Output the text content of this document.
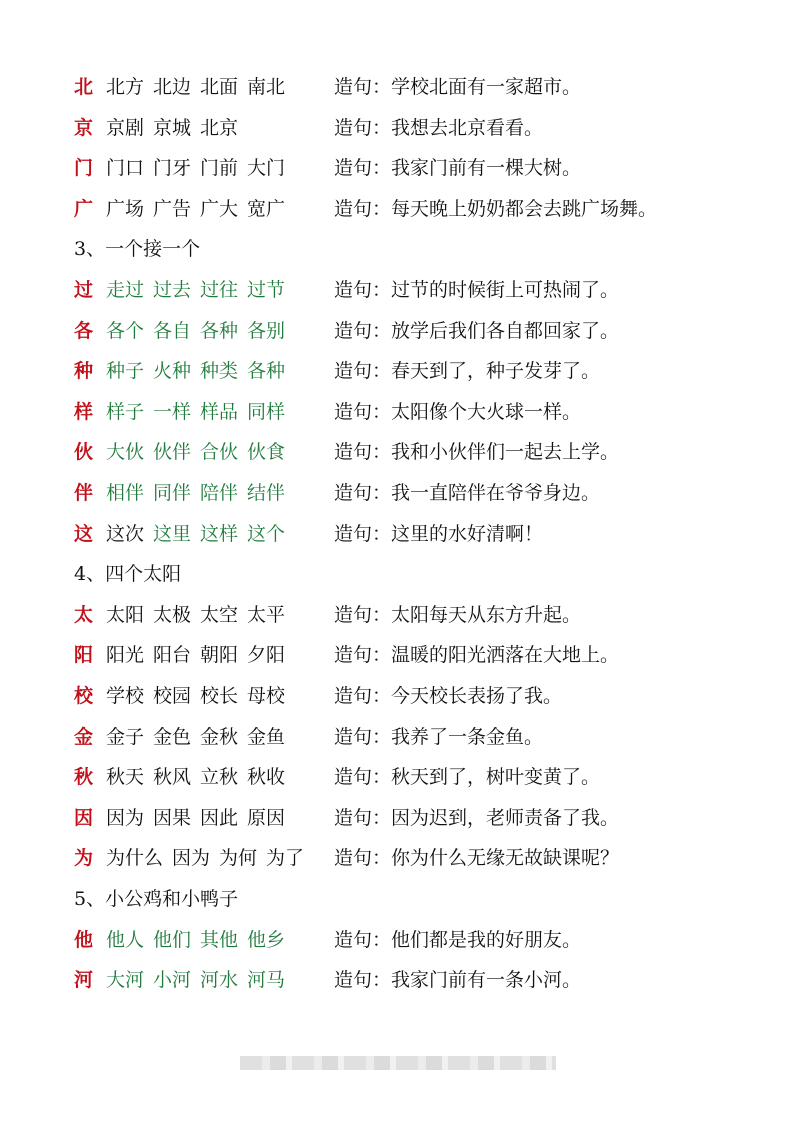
北 北方 北边 北面 南北	造句：学校北面有一家超市。
京 京剧 京城 北京	造句：我想去北京看看。
门 门口 门牙 门前 大门	造句：我家门前有一棵大树。
广 广场 广告 广大 宽广	造句：每天晚上奶奶都会去跳广场舞。
3、一个接一个
过 走过 过去 过往 过节	造句：过节的时候街上可热闹了。
各 各个 各自 各种 各别	造句：放学后我们各自都回家了。
种 种子 火种 种类 各种	造句：春天到了，种子发芽了。
样 样子 一样 样品 同样	造句：太阳像个大火球一样。
伙 大伙 伙伴 合伙 伙食	造句：我和小伙伴们一起去上学。
伴 相伴 同伴 陪伴 结伴	造句：我一直陪伴在爷爷身边。
这 这次 这里 这样 这个	造句：这里的水好清啊！
4、四个太阳
太 太阳 太极 太空 太平	造句：太阳每天从东方升起。
阳 阳光 阳台 朝阳 夕阳	造句：温暖的阳光洒落在大地上。
校 学校 校园 校长 母校	造句：今天校长表扬了我。
金 金子 金色 金秋 金鱼	造句：我养了一条金鱼。
秋 秋天 秋风 立秋 秋收	造句：秋天到了，树叶变黄了。
因 因为 因果 因此 原因	造句：因为迟到，老师责备了我。
为 为什么 因为 为何 为了	造句：你为什么无缘无故缺课呢？
5、小公鸡和小鸭子
他 他人 他们 其他 他乡	造句：他们都是我的好朋友。
河 大河 小河 河水 河马	造句：我家门前有一条小河。
